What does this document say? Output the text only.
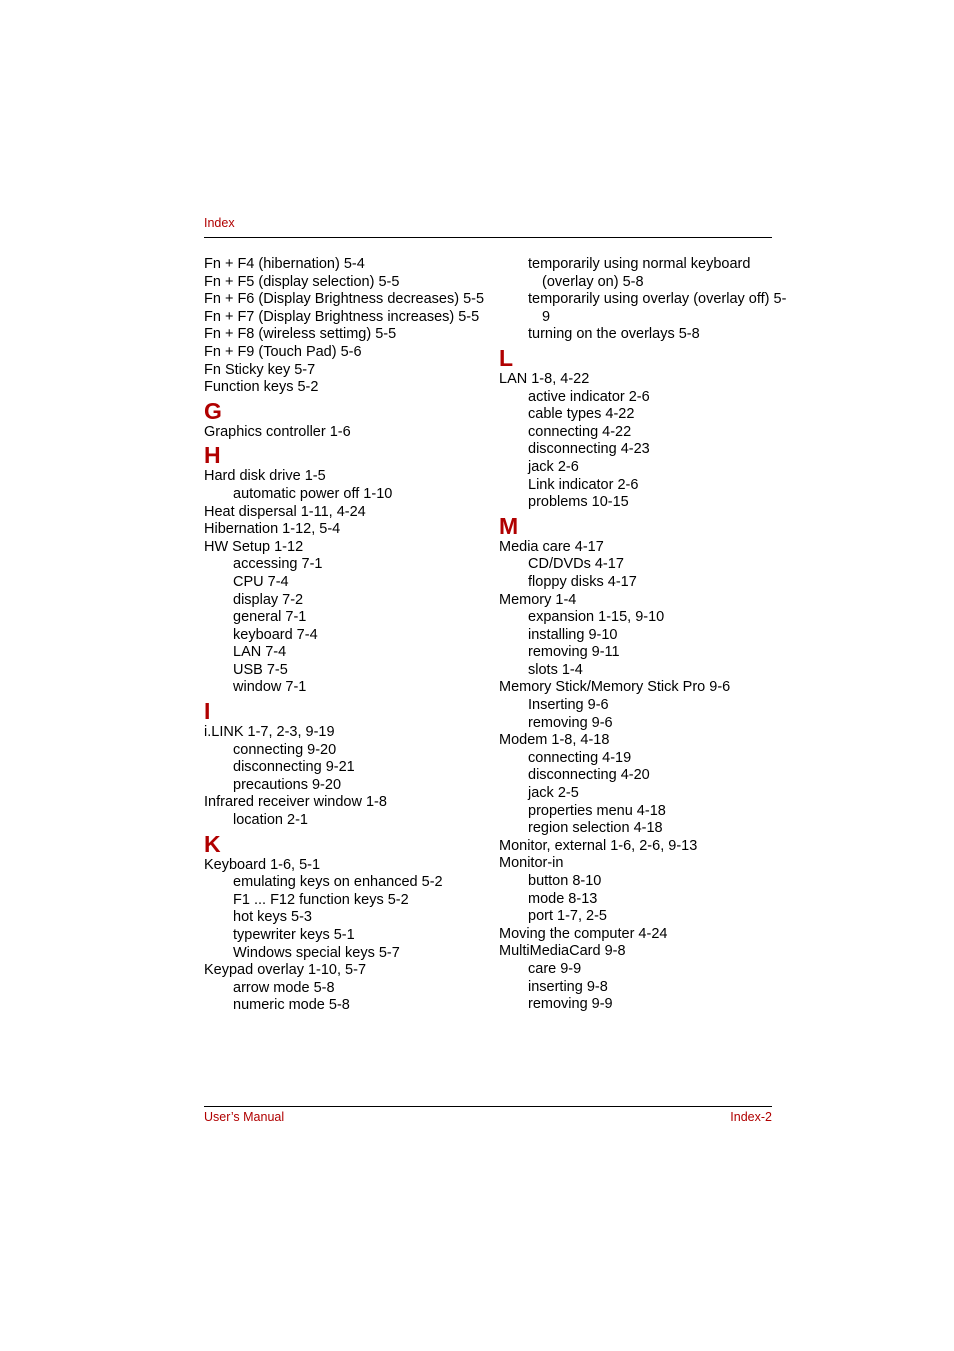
Index
Fn + F4 (hibernation) 5-4
Fn + F5 (display selection) 5-5
Fn + F6 (Display Brightness decreases) 5-5
Fn + F7 (Display Brightness increases) 5-5
Fn + F8 (wireless settimg) 5-5
Fn + F9 (Touch Pad) 5-6
Fn Sticky key 5-7
Function keys 5-2
G
Graphics controller 1-6
H
Hard disk drive 1-5
automatic power off 1-10
Heat dispersal 1-11, 4-24
Hibernation 1-12, 5-4
HW Setup 1-12
accessing 7-1
CPU 7-4
display 7-2
general 7-1
keyboard 7-4
LAN 7-4
USB 7-5
window 7-1
I
i.LINK 1-7, 2-3, 9-19
connecting 9-20
disconnecting 9-21
precautions 9-20
Infrared receiver window 1-8
location 2-1
K
Keyboard 1-6, 5-1
emulating keys on enhanced 5-2
F1 ... F12 function keys 5-2
hot keys 5-3
typewriter keys 5-1
Windows special keys 5-7
Keypad overlay 1-10, 5-7
arrow mode 5-8
numeric mode 5-8
temporarily using normal keyboard (overlay on) 5-8
temporarily using overlay (overlay off) 5-9
turning on the overlays 5-8
L
LAN 1-8, 4-22
active indicator 2-6
cable types 4-22
connecting 4-22
disconnecting 4-23
jack 2-6
Link indicator 2-6
problems 10-15
M
Media care 4-17
CD/DVDs 4-17
floppy disks 4-17
Memory 1-4
expansion 1-15, 9-10
installing 9-10
removing 9-11
slots 1-4
Memory Stick/Memory Stick Pro 9-6
Inserting 9-6
removing 9-6
Modem 1-8, 4-18
connecting 4-19
disconnecting 4-20
jack 2-5
properties menu 4-18
region selection 4-18
Monitor, external 1-6, 2-6, 9-13
Monitor-in
button 8-10
mode 8-13
port 1-7, 2-5
Moving the computer 4-24
MultiMediaCard 9-8
care 9-9
inserting 9-8
removing 9-9
User’s Manual	Index-2
